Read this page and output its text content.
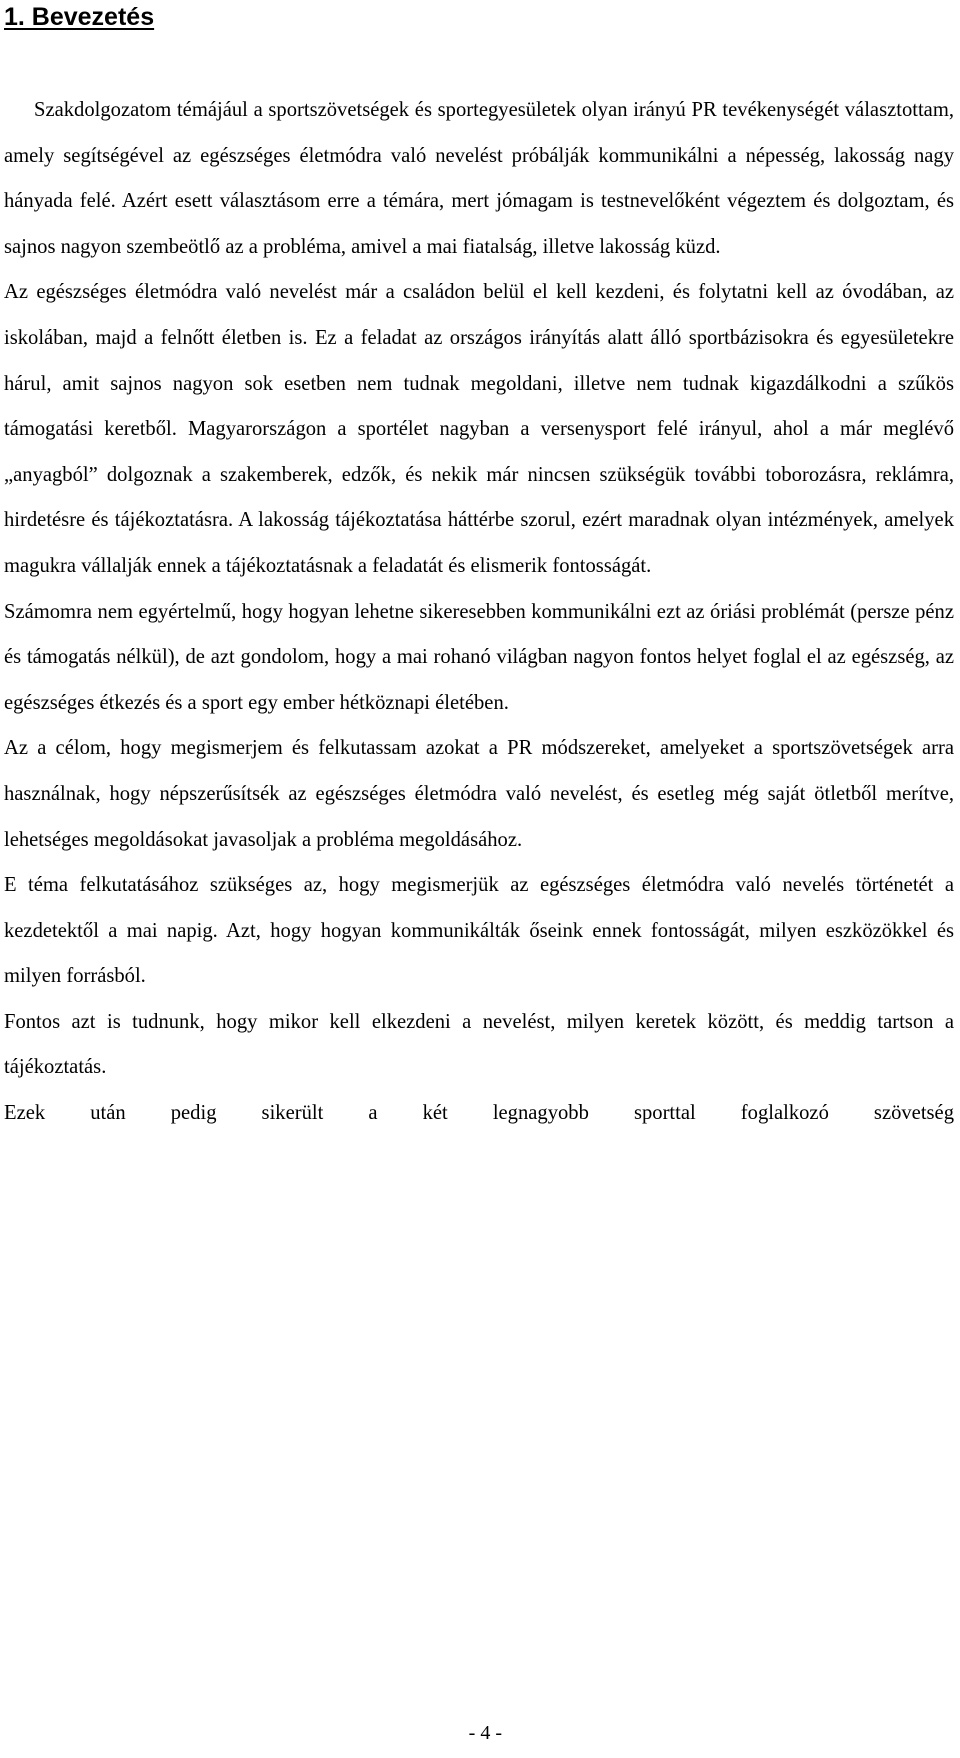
1. Bevezetés

Szakdolgozatom témájául a sportszövetségek és sportegyesületek olyan irányú PR tevékenységét választottam, amely segítségével az egészséges életmódra való nevelést próbálják kommunikálni a népesség, lakosság nagy hányada felé. Azért esett választásom erre a témára, mert jómagam is testnevelőként végeztem és dolgoztam, és sajnos nagyon szembeötlő az a probléma, amivel a mai fiatalság, illetve lakosság küzd.

Az egészséges életmódra való nevelést már a családon belül el kell kezdeni, és folytatni kell az óvodában, az iskolában, majd a felnőtt életben is. Ez a feladat az országos irányítás alatt álló sportbázisokra és egyesületekre hárul, amit sajnos nagyon sok esetben nem tudnak megoldani, illetve nem tudnak kigazdálkodni a szűkös támogatási keretből. Magyarországon a sportélet nagyban a versenysport felé irányul, ahol a már meglévő „anyagból” dolgoznak a szakemberek, edzők, és nekik már nincsen szükségük további toborozásra, reklámra, hirdetésre és tájékoztatásra. A lakosság tájékoztatása háttérbe szorul, ezért maradnak olyan intézmények, amelyek magukra vállalják ennek a tájékoztatásnak a feladatát és elismerik fontosságát.

Számomra nem egyértelmű, hogy hogyan lehetne sikeresebben kommunikálni ezt az óriási problémát (persze pénz és támogatás nélkül), de azt gondolom, hogy a mai rohanó világban nagyon fontos helyet foglal el az egészség, az egészséges étkezés és a sport egy ember hétköznapi életében.

Az a célom, hogy megismerjem és felkutassam azokat a PR módszereket, amelyeket a sportszövetségek arra használnak, hogy népszerűsítsék az egészséges életmódra való nevelést, és esetleg még saját ötletből merítve, lehetséges megoldásokat javasoljak a probléma megoldásához.

E téma felkutatásához szükséges az, hogy megismerjük az egészséges életmódra való nevelés történetét a kezdetektől a mai napig. Azt, hogy hogyan kommunikálták őseink ennek fontosságát, milyen eszközökkel és milyen forrásból.

Fontos azt is tudnunk, hogy mikor kell elkezdeni a nevelést, milyen keretek között, és meddig tartson a tájékoztatás.

Ezek után pedig sikerült a két legnagyobb sporttal foglalkozó szövetség

- 4 -
